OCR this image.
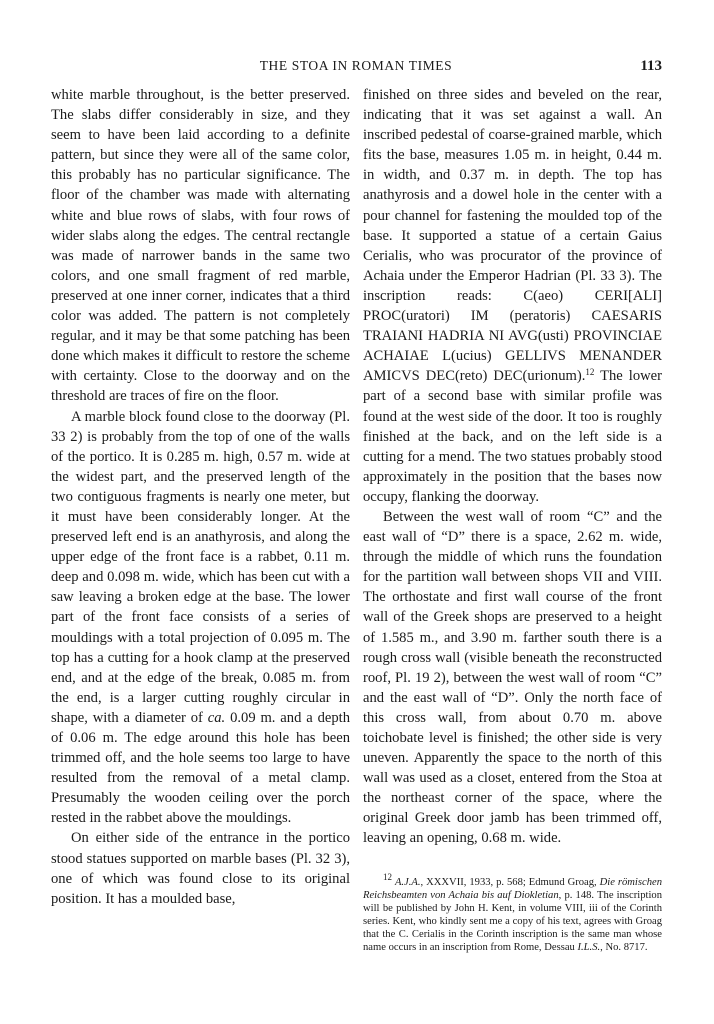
THE STOA IN ROMAN TIMES	113

white marble throughout, is the better preserved. The slabs differ considerably in size, and they seem to have been laid according to a definite pattern, but since they were all of the same color, this probably has no particular significance. The floor of the chamber was made with alternating white and blue rows of slabs, with four rows of wider slabs along the edges. The central rectangle was made of narrower bands in the same two colors, and one small fragment of red marble, preserved at one inner corner, indicates that a third color was added. The pattern is not completely regular, and it may be that some patching has been done which makes it difficult to restore the scheme with certainty. Close to the doorway and on the threshold are traces of fire on the floor.

A marble block found close to the doorway (Pl. 33 2) is probably from the top of one of the walls of the portico. It is 0.285 m. high, 0.57 m. wide at the widest part, and the preserved length of the two contiguous fragments is nearly one meter, but it must have been considerably longer. At the preserved left end is an anathyrosis, and along the upper edge of the front face is a rabbet, 0.11 m. deep and 0.098 m. wide, which has been cut with a saw leaving a broken edge at the base. The lower part of the front face consists of a series of mouldings with a total projection of 0.095 m. The top has a cutting for a hook clamp at the preserved end, and at the edge of the break, 0.085 m. from the end, is a larger cutting roughly circular in shape, with a diameter of ca. 0.09 m. and a depth of 0.06 m. The edge around this hole has been trimmed off, and the hole seems too large to have resulted from the removal of a metal clamp. Presumably the wooden ceiling over the porch rested in the rabbet above the mouldings.

On either side of the entrance in the portico stood statues supported on marble bases (Pl. 32 3), one of which was found close to its original position. It has a moulded base,

finished on three sides and beveled on the rear, indicating that it was set against a wall. An inscribed pedestal of coarse-grained marble, which fits the base, measures 1.05 m. in height, 0.44 m. in width, and 0.37 m. in depth. The top has anathyrosis and a dowel hole in the center with a pour channel for fastening the moulded top of the base. It supported a statue of a certain Gaius Cerialis, who was procurator of the province of Achaia under the Emperor Hadrian (Pl. 33 3). The inscription reads: C(aeo) CERI[ALI] PROC(uratori) IM (peratoris) CAESARIS TRAIANI HADRIA NI AVG(usti) PROVINCIAE ACHAIAE L(ucius) GELLIVS MENANDER AMICVS DEC(reto) DEC(urionum).$^{12}$ The lower part of a second base with similar profile was found at the west side of the door. It too is roughly finished at the back, and on the left side is a cutting for a mend. The two statues probably stood approximately in the position that the bases now occupy, flanking the doorway.

Between the west wall of room “C” and the east wall of “D” there is a space, 2.62 m. wide, through the middle of which runs the foundation for the partition wall between shops VII and VIII. The orthostate and first wall course of the front wall of the Greek shops are preserved to a height of 1.585 m., and 3.90 m. farther south there is a rough cross wall (visible beneath the reconstructed roof, Pl. 19 2), between the west wall of room “C” and the east wall of “D”. Only the north face of this cross wall, from about 0.70 m. above toichobate level is finished; the other side is very uneven. Apparently the space to the north of this wall was used as a closet, entered from the Stoa at the northeast corner of the space, where the original Greek door jamb has been trimmed off, leaving an opening, 0.68 m. wide.

$^{12}$ A.J.A., XXXVII, 1933, p. 568; Edmund Groag, Die römischen Reichsbeamten von Achaia bis auf Diokletian, p. 148. The inscription will be published by John H. Kent, in volume VIII, iii of the Corinth series. Kent, who kindly sent me a copy of his text, agrees with Groag that the C. Cerialis in the Corinth inscription is the same man whose name occurs in an inscription from Rome, Dessau I.L.S., No. 8717.
